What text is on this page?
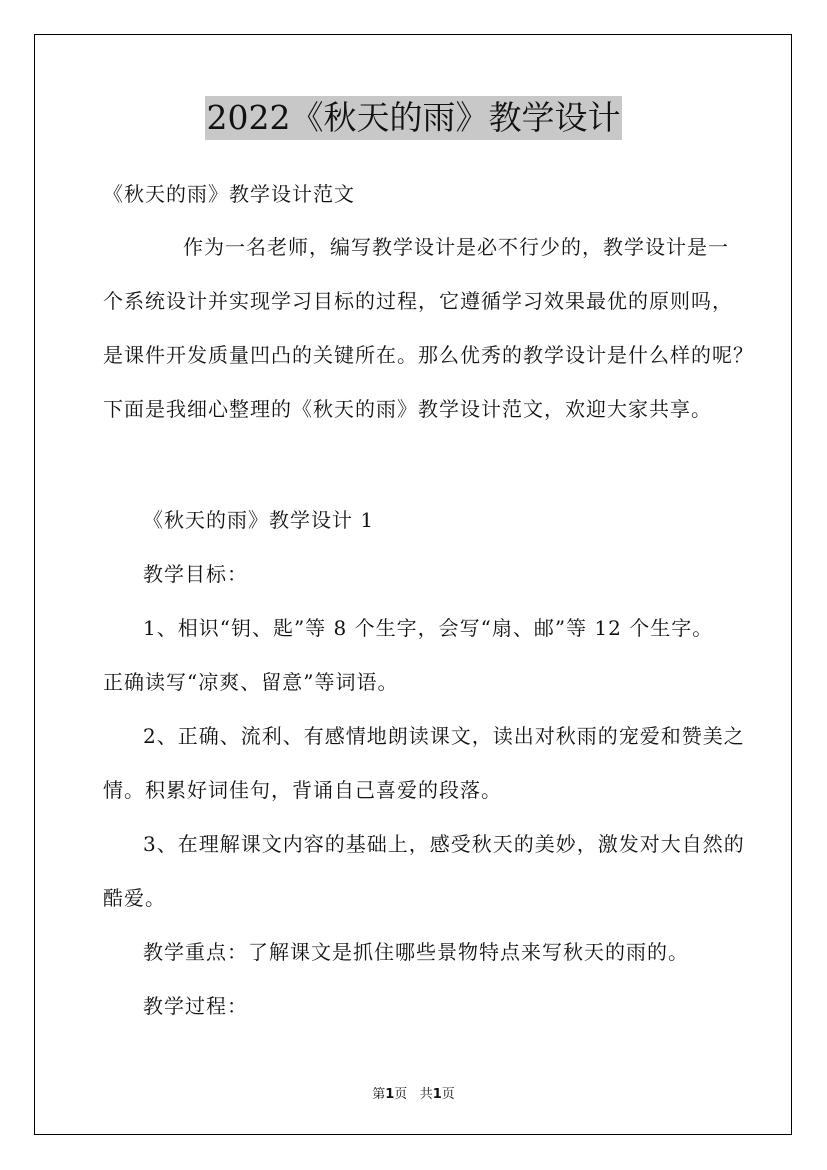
2022《秋天的雨》教学设计
《秋天的雨》教学设计范文
作为一名老师，编写教学设计是必不行少的，教学设计是一
个系统设计并实现学习目标的过程，它遵循学习效果最优的原则吗，
是课件开发质量凹凸的关键所在。那么优秀的教学设计是什么样的呢？
下面是我细心整理的《秋天的雨》教学设计范文，欢迎大家共享。
《秋天的雨》教学设计 1
教学目标：
1、相识“钥、匙”等 8 个生字，会写“扇、邮”等 12 个生字。
正确读写“凉爽、留意”等词语。
2、正确、流利、有感情地朗读课文，读出对秋雨的宠爱和赞美之
情。积累好词佳句，背诵自己喜爱的段落。
3、在理解课文内容的基础上，感受秋天的美妙，激发对大自然的
酷爱。
教学重点：了解课文是抓住哪些景物特点来写秋天的雨的。
教学过程：
第1页 共1页
